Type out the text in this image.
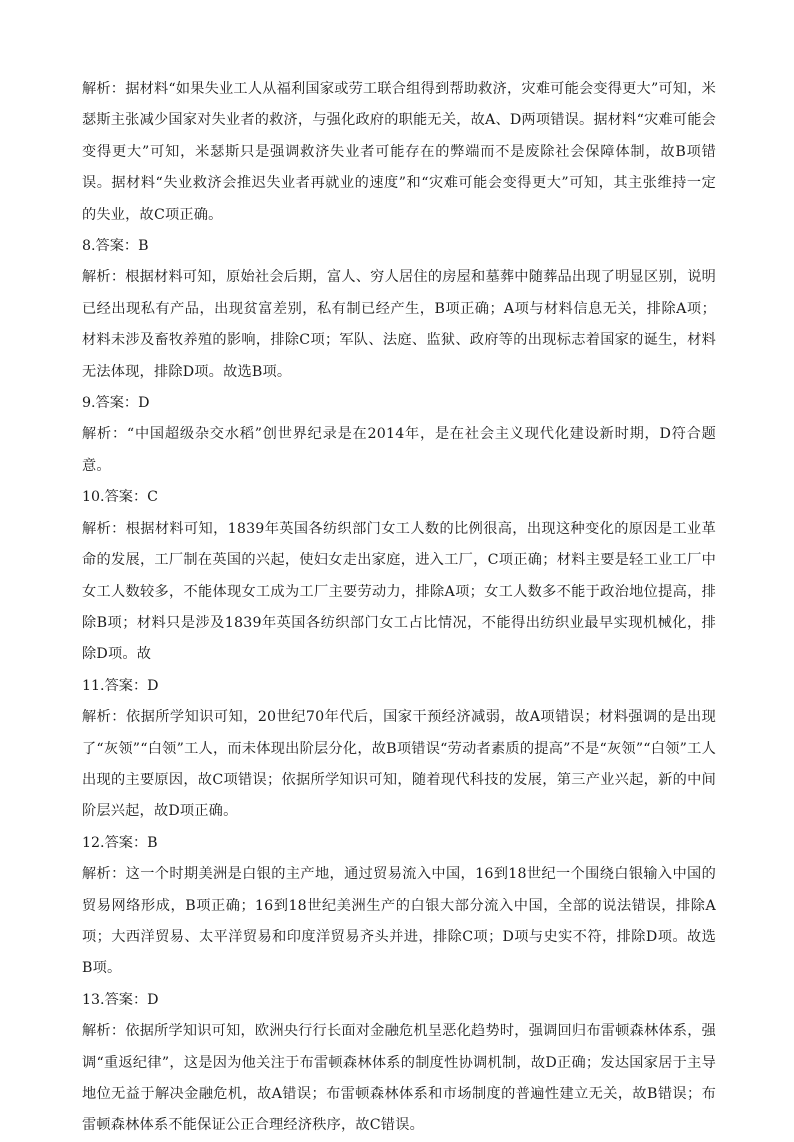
解析：据材料“如果失业工人从福利国家或劳工联合组得到帮助救济，灾难可能会变得更大”可知，米瑟斯主张减少国家对失业者的救济，与强化政府的职能无关，故A、D两项错误。据材料“灾难可能会变得更大”可知，米瑟斯只是强调救济失业者可能存在的弊端而不是废除社会保障体制，故B项错误。据材料“失业救济会推迟失业者再就业的速度”和“灾难可能会变得更大”可知，其主张维持一定的失业，故C项正确。

8.答案：B

解析：根据材料可知，原始社会后期，富人、穷人居住的房屋和墓葬中随葬品出现了明显区别，说明已经出现私有产品，出现贫富差别，私有制已经产生，B项正确；A项与材料信息无关，排除A项；材料未涉及畜牧养殖的影响，排除C项；军队、法庭、监狱、政府等的出现标志着国家的诞生，材料无法体现，排除D项。故选B项。

9.答案：D

解析：“中国超级杂交水稻”创世界纪录是在2014年，是在社会主义现代化建设新时期，D符合题意。

10.答案：C

解析：根据材料可知，1839年英国各纺织部门女工人数的比例很高，出现这种变化的原因是工业革命的发展，工厂制在英国的兴起，使妇女走出家庭，进入工厂，C项正确；材料主要是轻工业工厂中女工人数较多，不能体现女工成为工厂主要劳动力，排除A项；女工人数多不能于政治地位提高，排除B项；材料只是涉及1839年英国各纺织部门女工占比情况，不能得出纺织业最早实现机械化，排除D项。故

11.答案：D

解析：依据所学知识可知，20世纪70年代后，国家干预经济减弱，故A项错误；材料强调的是出现了“灰领”“白领”工人，而未体现出阶层分化，故B项错误“劳动者素质的提高”不是“灰领”“白领”工人出现的主要原因，故C项错误；依据所学知识可知，随着现代科技的发展，第三产业兴起，新的中间阶层兴起，故D项正确。

12.答案：B

解析：这一个时期美洲是白银的主产地，通过贸易流入中国，16到18世纪一个围绕白银输入中国的贸易网络形成，B项正确；16到18世纪美洲生产的白银大部分流入中国，全部的说法错误，排除A项；大西洋贸易、太平洋贸易和印度洋贸易齐头并进，排除C项；D项与史实不符，排除D项。故选B项。

13.答案：D

解析：依据所学知识可知，欧洲央行行长面对金融危机呈恶化趋势时，强调回归布雷顿森林体系，强调“重返纪律”，这是因为他关注于布雷顿森林体系的制度性协调机制，故D正确；发达国家居于主导地位无益于解决金融危机，故A错误；布雷顿森林体系和市场制度的普遍性建立无关，故B错误；布雷顿森林体系不能保证公正合理经济秩序，故C错误。
